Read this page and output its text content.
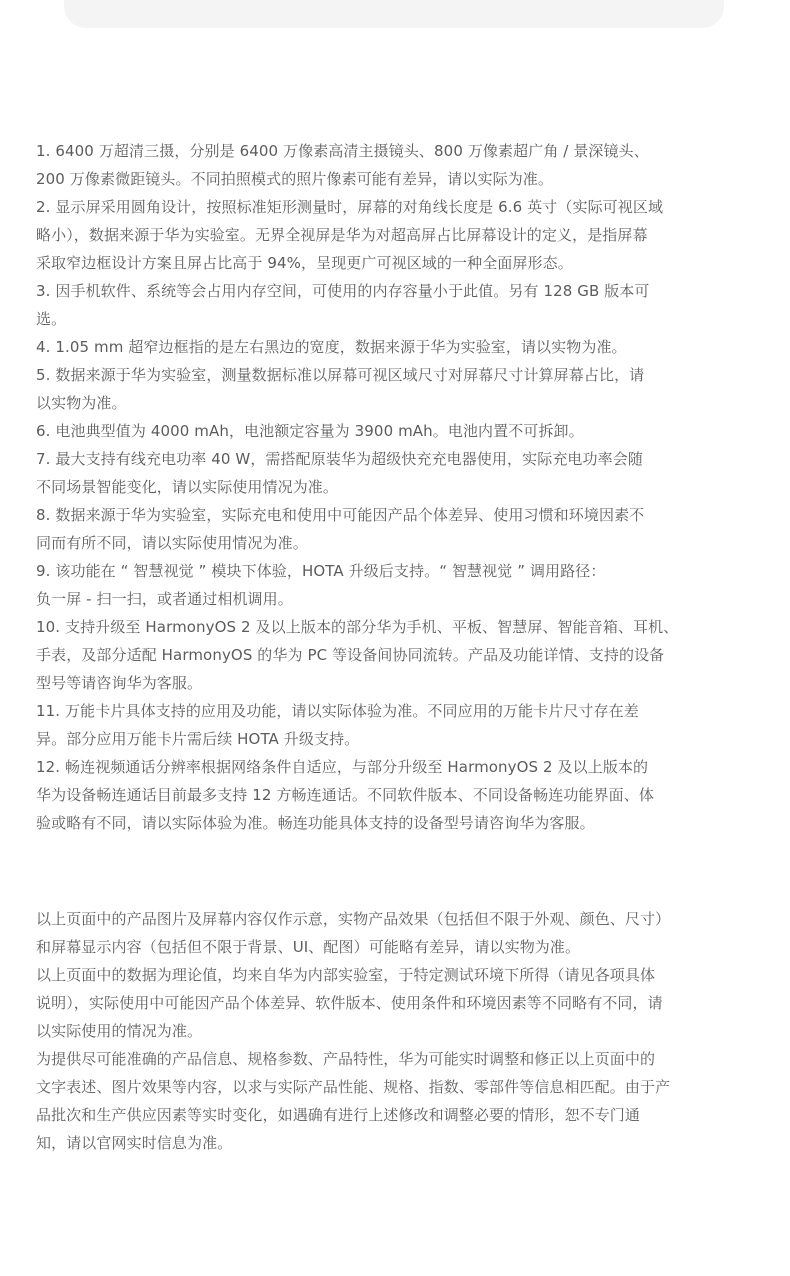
1. 6400 万超清三摄，分别是 6400 万像素高清主摄镜头、800 万像素超广角 / 景深镜头、
200 万像素微距镜头。不同拍照模式的照片像素可能有差异，请以实际为准。
2. 显示屏采用圆角设计，按照标准矩形测量时，屏幕的对角线长度是 6.6 英寸（实际可视区域
略小），数据来源于华为实验室。无界全视屏是华为对超高屏占比屏幕设计的定义，是指屏幕
采取窄边框设计方案且屏占比高于 94%，呈现更广可视区域的一种全面屏形态。
3. 因手机软件、系统等会占用内存空间，可使用的内存容量小于此值。另有 128 GB 版本可
选。
4. 1.05 mm 超窄边框指的是左右黑边的宽度，数据来源于华为实验室，请以实物为准。
5. 数据来源于华为实验室，测量数据标准以屏幕可视区域尺寸对屏幕尺寸计算屏幕占比，请
以实物为准。
6. 电池典型值为 4000 mAh，电池额定容量为 3900 mAh。电池内置不可拆卸。
7. 最大支持有线充电功率 40 W，需搭配原装华为超级快充充电器使用，实际充电功率会随
不同场景智能变化，请以实际使用情况为准。
8. 数据来源于华为实验室，实际充电和使用中可能因产品个体差异、使用习惯和环境因素不
同而有所不同，请以实际使用情况为准。
9. 该功能在 “ 智慧视觉 ” 模块下体验，HOTA 升级后支持。“ 智慧视觉 ” 调用路径：
负一屏 - 扫一扫，或者通过相机调用。
10. 支持升级至 HarmonyOS 2 及以上版本的部分华为手机、平板、智慧屏、智能音箱、耳机、
手表，及部分适配 HarmonyOS 的华为 PC 等设备间协同流转。产品及功能详情、支持的设备
型号等请咨询华为客服。
11. 万能卡片具体支持的应用及功能，请以实际体验为准。不同应用的万能卡片尺寸存在差
异。部分应用万能卡片需后续 HOTA 升级支持。
12. 畅连视频通话分辨率根据网络条件自适应，与部分升级至 HarmonyOS 2 及以上版本的
华为设备畅连通话目前最多支持 12 方畅连通话。不同软件版本、不同设备畅连功能界面、体
验或略有不同，请以实际体验为准。畅连功能具体支持的设备型号请咨询华为客服。
以上页面中的产品图片及屏幕内容仅作示意，实物产品效果（包括但不限于外观、颜色、尺寸）
和屏幕显示内容（包括但不限于背景、UI、配图）可能略有差异，请以实物为准。
以上页面中的数据为理论值，均来自华为内部实验室，于特定测试环境下所得（请见各项具体
说明），实际使用中可能因产品个体差异、软件版本、使用条件和环境因素等不同略有不同，请
以实际使用的情况为准。
为提供尽可能准确的产品信息、规格参数、产品特性，华为可能实时调整和修正以上页面中的
文字表述、图片效果等内容，以求与实际产品性能、规格、指数、零部件等信息相匹配。由于产
品批次和生产供应因素等实时变化，如遇确有进行上述修改和调整必要的情形，恕不专门通
知，请以官网实时信息为准。
